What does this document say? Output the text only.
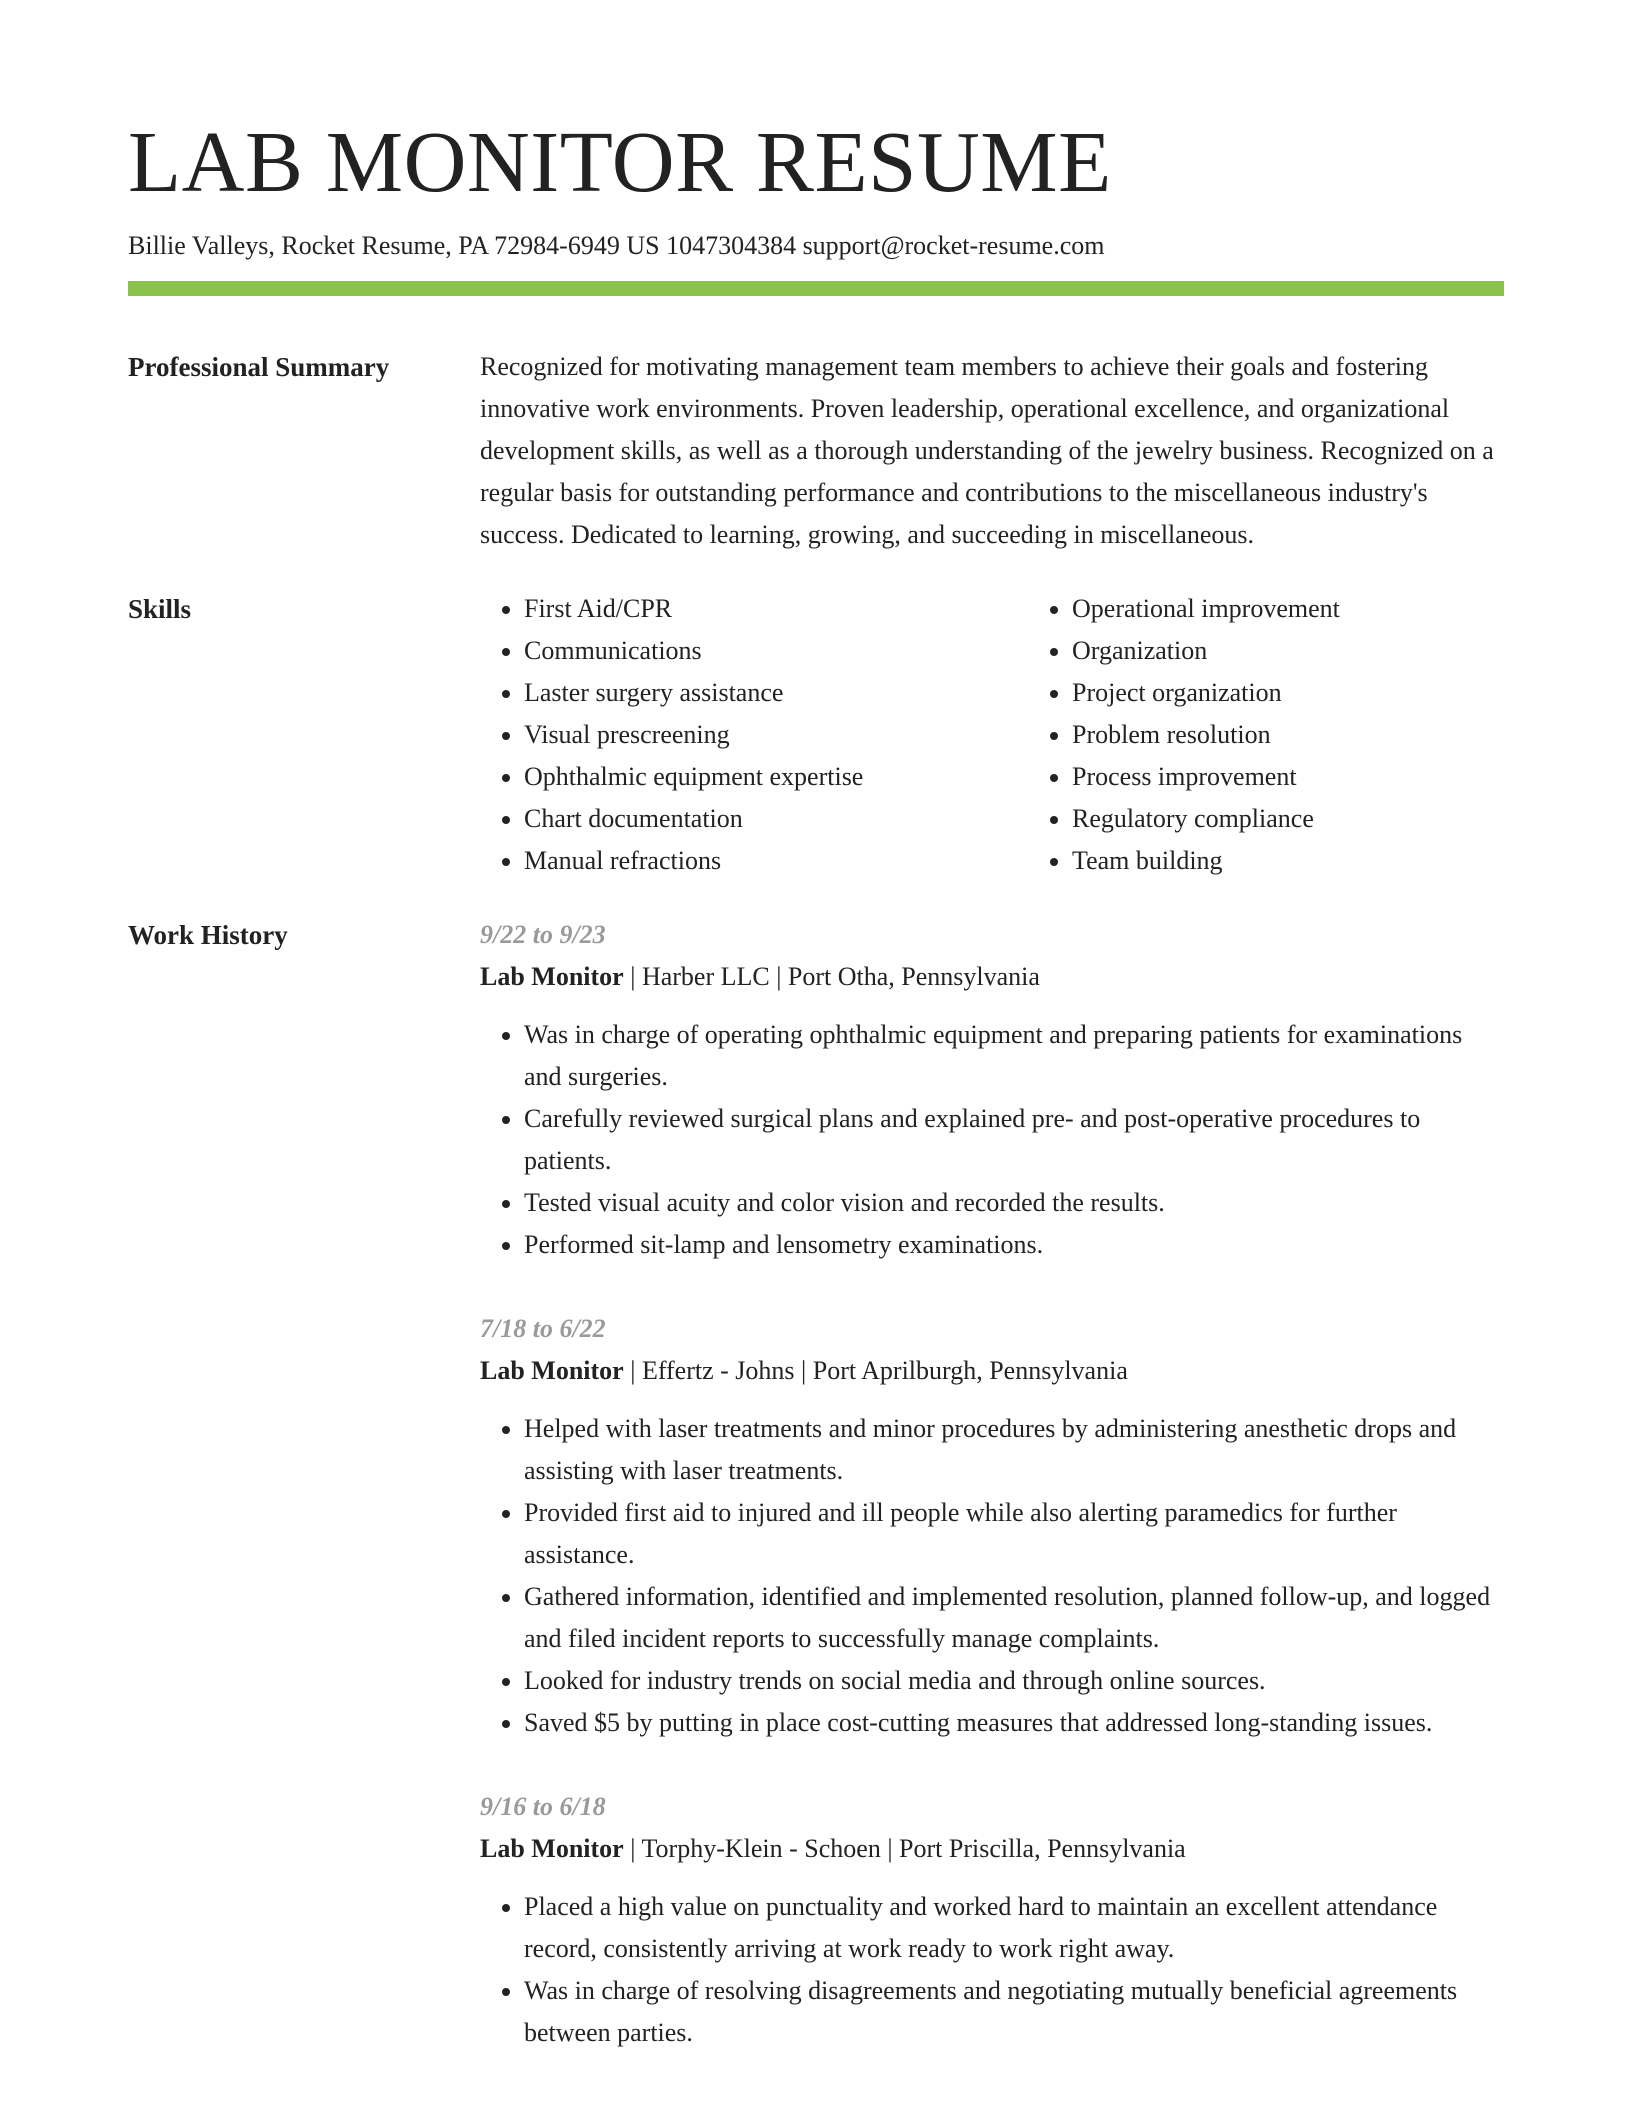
LAB MONITOR RESUME
Billie Valleys, Rocket Resume, PA 72984-6949 US 1047304384 support@rocket-resume.com
Professional Summary	Recognized for motivating management team members to achieve their goals and fostering innovative work environments. Proven leadership, operational excellence, and organizational development skills, as well as a thorough understanding of the jewelry business. Recognized on a regular basis for outstanding performance and contributions to the miscellaneous industry's success. Dedicated to learning, growing, and succeeding in miscellaneous.
Skills
•	First Aid/CPR
• Communications
• Laster surgery assistance
• Visual prescreening
• Ophthalmic equipment expertise
• Chart documentation
• Manual refractions
• Operational improvement
• Organization
• Project organization
• Problem resolution
• Process improvement
• Regulatory compliance
• Team building
Work History	9/22 to 9/23
Lab Monitor | Harber LLC | Port Otha, Pennsylvania
• Was in charge of operating ophthalmic equipment and preparing patients for examinations and surgeries.
• Carefully reviewed surgical plans and explained pre- and post-operative procedures to patients.
• Tested visual acuity and color vision and recorded the results.
• Performed sit-lamp and lensometry examinations.
7/18 to 6/22
Lab Monitor | Effertz - Johns | Port Aprilburgh, Pennsylvania
• Helped with laser treatments and minor procedures by administering anesthetic drops and assisting with laser treatments.
• Provided first aid to injured and ill people while also alerting paramedics for further assistance.
• Gathered information, identified and implemented resolution, planned follow-up, and logged and filed incident reports to successfully manage complaints.
• Looked for industry trends on social media and through online sources.
• Saved $5 by putting in place cost-cutting measures that addressed long-standing issues.
9/16 to 6/18
Lab Monitor | Torphy-Klein - Schoen | Port Priscilla, Pennsylvania
• Placed a high value on punctuality and worked hard to maintain an excellent attendance record, consistently arriving at work ready to work right away.
• Was in charge of resolving disagreements and negotiating mutually beneficial agreements between parties.
